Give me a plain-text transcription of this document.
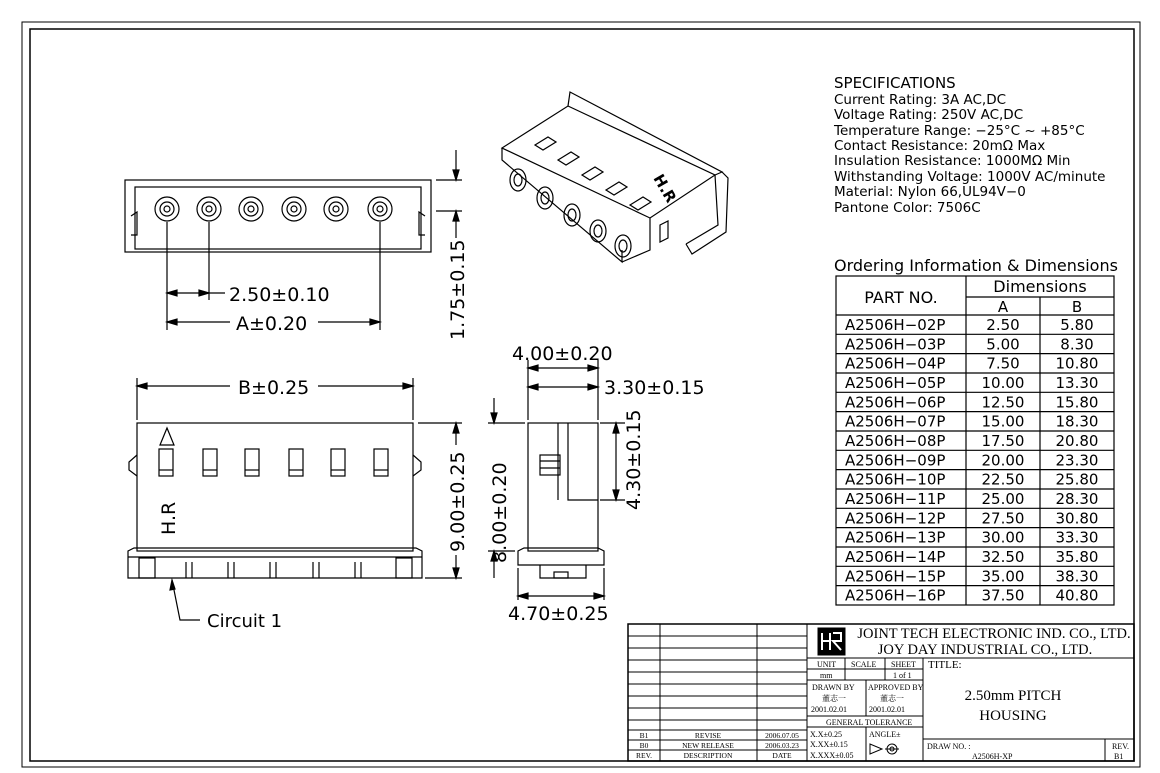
2.50±0.10
A±0.20	1.75±0.15
H.R
B±0.25
9.00±0.25
H.R
Circuit 1
4.00±0.20
3.30±0.15
8.00±0.20
4.30±0.15
4.70±0.25
SPECIFICATIONS
Current Rating: 3A AC,DC
Voltage Rating: 250V AC,DC
Temperature Range: −25°C ~ +85°C
Contact Resistance: 20mΩ Max
Insulation Resistance: 1000MΩ Min
Withstanding Voltage: 1000V AC/minute
Material: Nylon 66,UL94V−0
Pantone Color: 7506C
Ordering Information & Dimensions
PART NO.
Dimensions
A	B
A2506H−02P	2.50	5.80
A2506H−03P	5.00	8.30
A2506H−04P	7.50 10.80
A2506H−05P 10.00 13.30
A2506H−06P 12.50 15.80
A2506H−07P 15.00 18.30
A2506H−08P 17.50 20.80
A2506H−09P 20.00 23.30
A2506H−10P 22.50 25.80
A2506H−11P 25.00 28.30
A2506H−12P 27.50 30.80
A2506H−13P 30.00 33.30
A2506H−14P 32.50 35.80
A2506H−15P 35.00 38.30
A2506H−16P 37.50 40.80
JOINT TECH ELECTRONIC IND. CO., LTD.
JOY DAY INDUSTRIAL CO., LTD.
UNIT
mm
SCALE SHEET
1 of 1
DRAWN BY
董志一
2001.02.01
APPROVED BY
董志一
2001.02.01
GENERAL TOLERANCE
X.X±0.25
X.XX±0.15
X.XXX±0.05
ANGLE±
TITLE:
2.50mm PITCH
HOUSING
DRAW NO. :
A2506H-XP
REV.
B1
B1	REVISE	2006.07.05
B0	NEW RELEASE	2006.03.23
REV.	DESCRIPTION	DATE
